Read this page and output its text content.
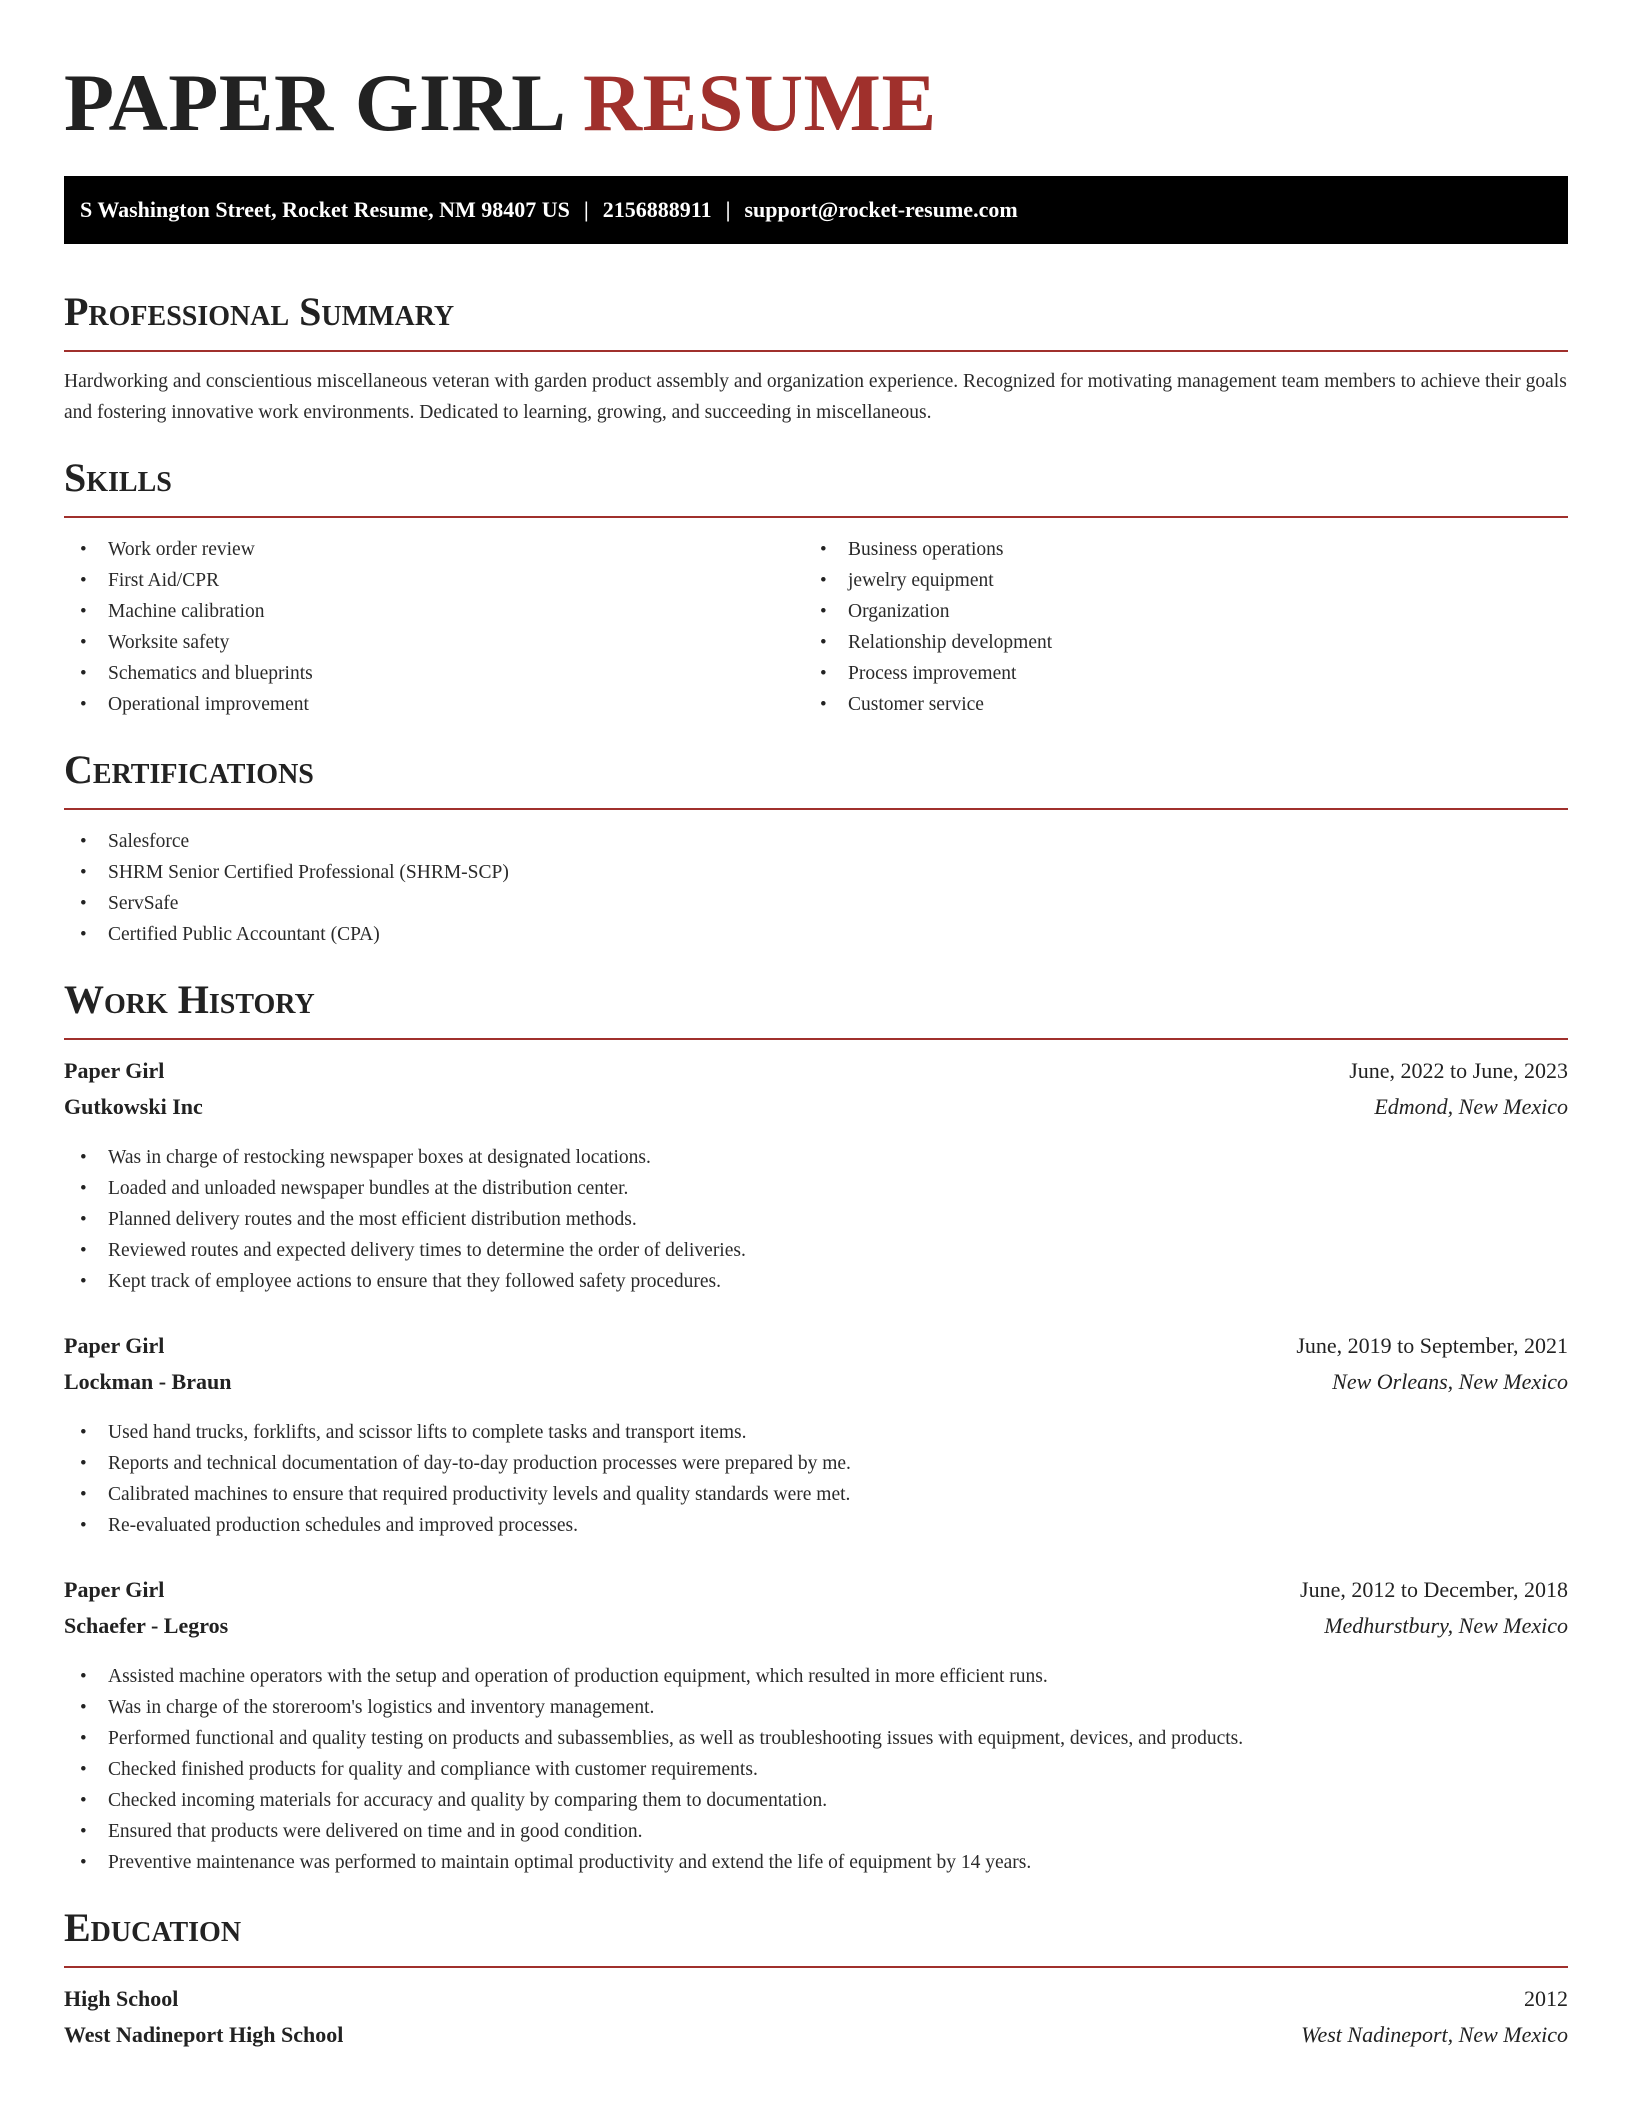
PAPER GIRL RESUME
S Washington Street, Rocket Resume, NM 98407 US | 2156888911 | support@rocket-resume.com
Professional Summary

Hardworking and conscientious miscellaneous veteran with garden product assembly and organization experience. Recognized for motivating management team members to achieve their goals and fostering innovative work environments. Dedicated to learning, growing, and succeeding in miscellaneous.

Skills
• Work order review
• First Aid/CPR
• Machine calibration
• Worksite safety
• Schematics and blueprints
• Operational improvement
• Business operations
• jewelry equipment
• Organization
• Relationship development
• Process improvement
• Customer service
Certifications
• Salesforce
• SHRM Senior Certified Professional (SHRM-SCP)
• ServSafe
• Certified Public Accountant (CPA)
Work History
Paper Girl	June, 2022 to June, 2023
Gutkowski Inc	Edmond, New Mexico
• Was in charge of restocking newspaper boxes at designated locations.
• Loaded and unloaded newspaper bundles at the distribution center.
• Planned delivery routes and the most efficient distribution methods.
• Reviewed routes and expected delivery times to determine the order of deliveries.
• Kept track of employee actions to ensure that they followed safety procedures.
Paper Girl	June, 2019 to September, 2021
Lockman - Braun	New Orleans, New Mexico
• Used hand trucks, forklifts, and scissor lifts to complete tasks and transport items.
• Reports and technical documentation of day-to-day production processes were prepared by me.
• Calibrated machines to ensure that required productivity levels and quality standards were met.
• Re-evaluated production schedules and improved processes.
Paper Girl	June, 2012 to December, 2018
Schaefer - Legros	Medhurstbury, New Mexico
• Assisted machine operators with the setup and operation of production equipment, which resulted in more efficient runs.
• Was in charge of the storeroom's logistics and inventory management.
• Performed functional and quality testing on products and subassemblies, as well as troubleshooting issues with equipment, devices, and products.
• Checked finished products for quality and compliance with customer requirements.
• Checked incoming materials for accuracy and quality by comparing them to documentation.
• Ensured that products were delivered on time and in good condition.
• Preventive maintenance was performed to maintain optimal productivity and extend the life of equipment by 14 years.
Education
High School	2012
West Nadineport High School	West Nadineport, New Mexico
